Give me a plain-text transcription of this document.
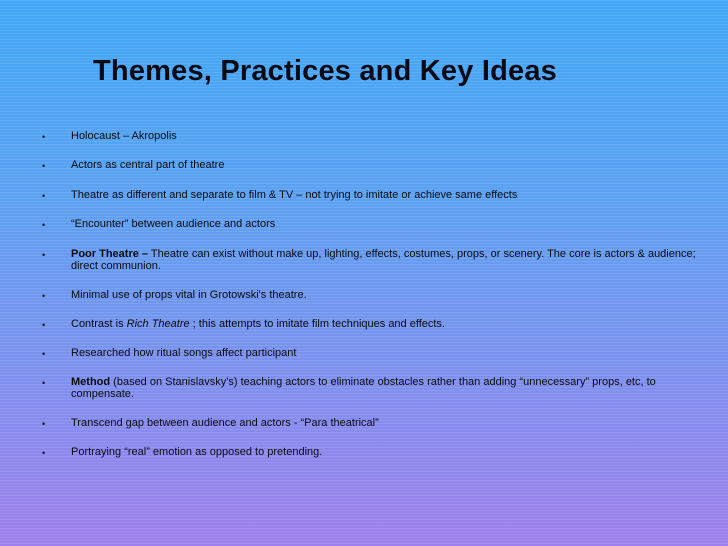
Themes, Practices and Key Ideas
• Holocaust – Akropolis
• Actors as central part of theatre
• Theatre as different and separate to film & TV – not trying to imitate or achieve same effects
• “Encounter” between audience and actors
• Poor Theatre – Theatre can exist without make up, lighting, effects, costumes, props, or scenery. The core is actors & audience; direct communion.
• Minimal use of props vital in Grotowski's theatre.
• Contrast is Rich Theatre ; this attempts to imitate film techniques and effects.
• Researched how ritual songs affect participant
• Method (based on Stanislavsky's) teaching actors to eliminate obstacles rather than adding “unnecessary” props, etc, to compensate.
• Transcend gap between audience and actors - “Para theatrical”
• Portraying “real” emotion as opposed to pretending.
